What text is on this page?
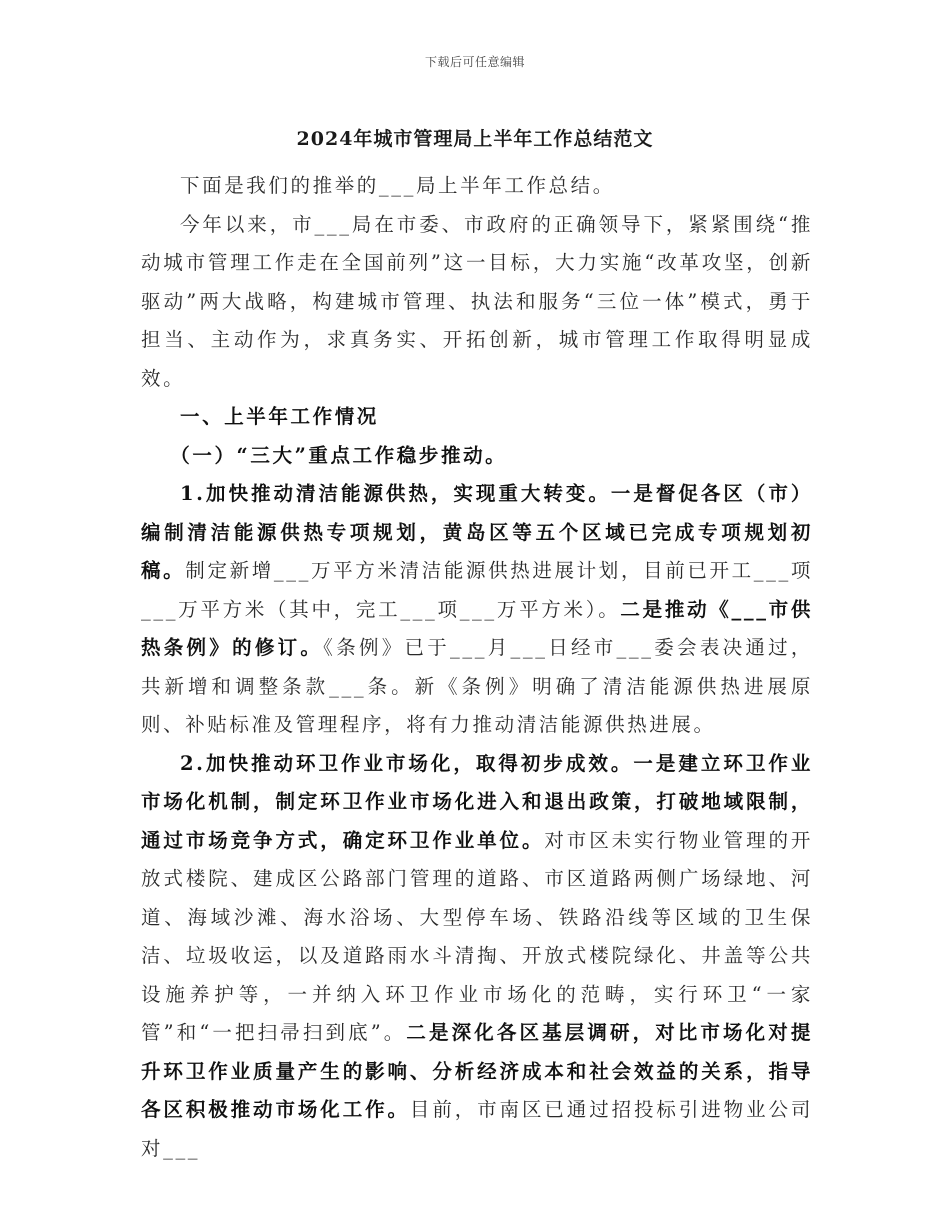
下载后可任意编辑
2024年城市管理局上半年工作总结范文

下面是我们的推举的___局上半年工作总结。

今年以来，市___局在市委、市政府的正确领导下，紧紧围绕“推动城市管理工作走在全国前列”这一目标，大力实施“改革攻坚，创新驱动”两大战略，构建城市管理、执法和服务“三位一体”模式，勇于担当、主动作为，求真务实、开拓创新，城市管理工作取得明显成效。

一、上半年工作情况

（一）“三大”重点工作稳步推动。

1.加快推动清洁能源供热，实现重大转变。一是督促各区（市）编制清洁能源供热专项规划，黄岛区等五个区域已完成专项规划初稿。制定新增___万平方米清洁能源供热进展计划，目前已开工___项___万平方米（其中，完工___项___万平方米）。二是推动《___市供热条例》的修订。《条例》已于___月___日经市___委会表决通过，共新增和调整条款___条。新《条例》明确了清洁能源供热进展原则、补贴标准及管理程序，将有力推动清洁能源供热进展。

2.加快推动环卫作业市场化，取得初步成效。一是建立环卫作业市场化机制，制定环卫作业市场化进入和退出政策，打破地域限制，通过市场竞争方式，确定环卫作业单位。对市区未实行物业管理的开放式楼院、建成区公路部门管理的道路、市区道路两侧广场绿地、河道、海域沙滩、海水浴场、大型停车场、铁路沿线等区域的卫生保洁、垃圾收运，以及道路雨水斗清掏、开放式楼院绿化、井盖等公共设施养护等，一并纳入环卫作业市场化的范畴，实行环卫“一家管”和“一把扫帚扫到底”。二是深化各区基层调研，对比市场化对提升环卫作业质量产生的影响、分析经济成本和社会效益的关系，指导各区积极推动市场化工作。目前，市南区已通过招投标引进物业公司对___
